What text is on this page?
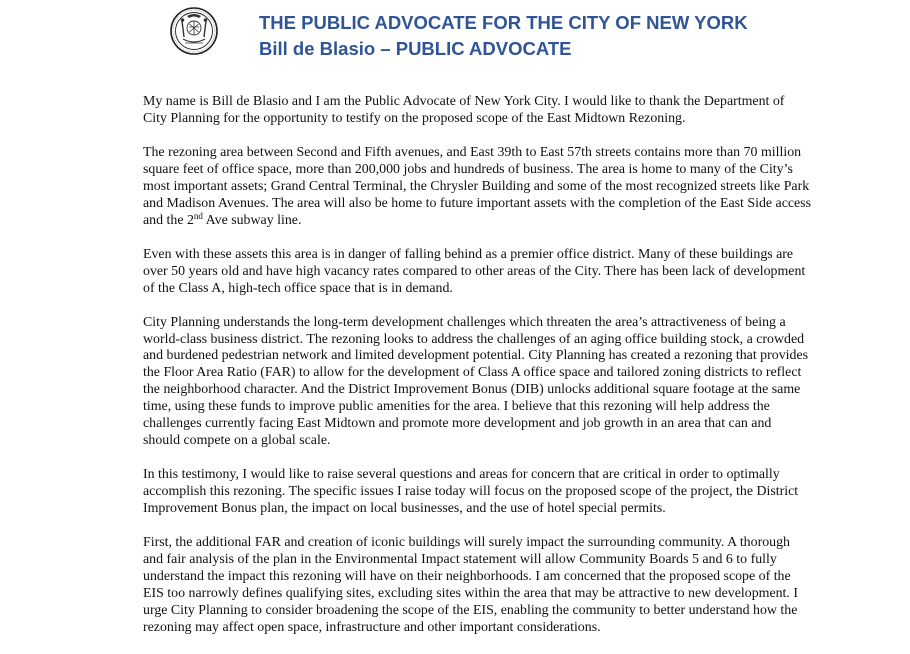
THE PUBLIC ADVOCATE FOR THE CITY OF NEW YORK
Bill de Blasio – PUBLIC ADVOCATE

My name is Bill de Blasio and I am the Public Advocate of New York City. I would like to thank the Department of City Planning for the opportunity to testify on the proposed scope of the East Midtown Rezoning.

The rezoning area between Second and Fifth avenues, and East 39th to East 57th streets contains more than 70 million square feet of office space, more than 200,000 jobs and hundreds of business. The area is home to many of the City’s most important assets; Grand Central Terminal, the Chrysler Building and some of the most recognized streets like Park and Madison Avenues. The area will also be home to future important assets with the completion of the East Side access and the 2nd Ave subway line.

Even with these assets this area is in danger of falling behind as a premier office district. Many of these buildings are over 50 years old and have high vacancy rates compared to other areas of the City. There has been lack of development of the Class A, high-tech office space that is in demand.

City Planning understands the long-term development challenges which threaten the area’s attractiveness of being a world-class business district. The rezoning looks to address the challenges of an aging office building stock, a crowded and burdened pedestrian network and limited development potential. City Planning has created a rezoning that provides the Floor Area Ratio (FAR) to allow for the development of Class A office space and tailored zoning districts to reflect the neighborhood character. And the District Improvement Bonus (DIB) unlocks additional square footage at the same time, using these funds to improve public amenities for the area. I believe that this rezoning will help address the challenges currently facing East Midtown and promote more development and job growth in an area that can and should compete on a global scale.

In this testimony, I would like to raise several questions and areas for concern that are critical in order to optimally accomplish this rezoning. The specific issues I raise today will focus on the proposed scope of the project, the District Improvement Bonus plan, the impact on local businesses, and the use of hotel special permits.

First, the additional FAR and creation of iconic buildings will surely impact the surrounding community. A thorough and fair analysis of the plan in the Environmental Impact statement will allow Community Boards 5 and 6 to fully understand the impact this rezoning will have on their neighborhoods. I am concerned that the proposed scope of the EIS too narrowly defines qualifying sites, excluding sites within the area that may be attractive to new development. I urge City Planning to consider broadening the scope of the EIS, enabling the community to better understand how the rezoning may affect open space, infrastructure and other important considerations.
